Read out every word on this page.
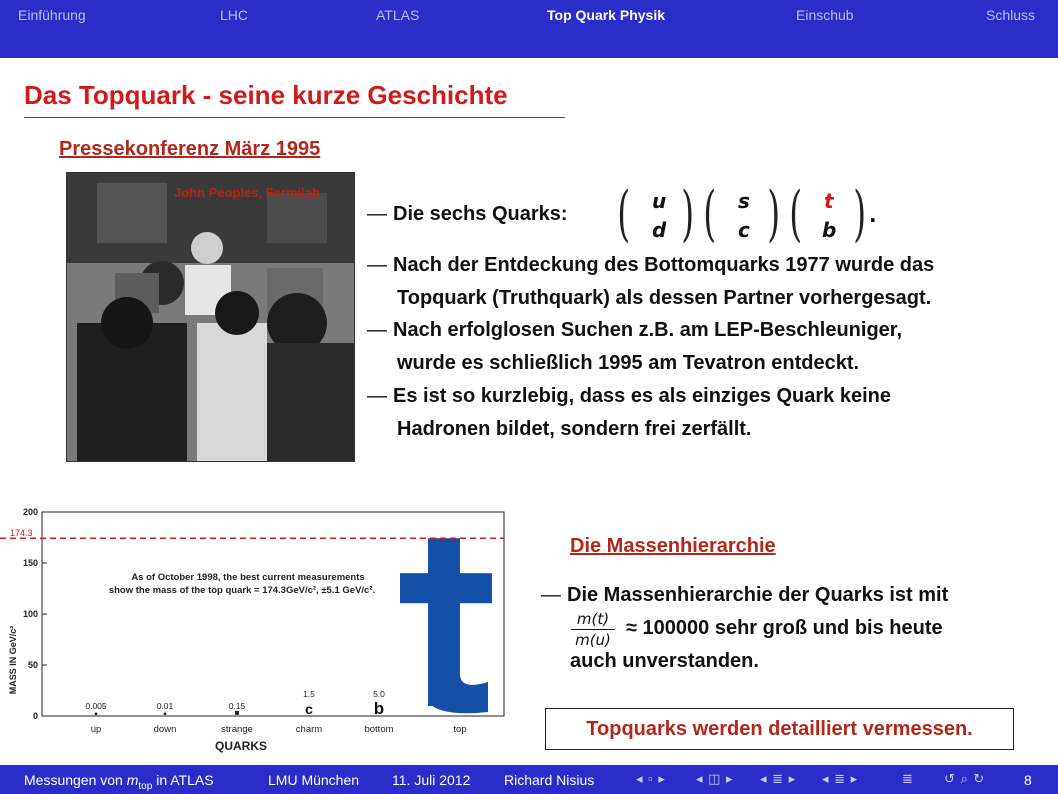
Einführung	LHC	ATLAS	Top Quark Physik	Einschub	Schluss
Das Topquark - seine kurze Geschichte
Pressekonferenz März 1995
John Peoples, Fermilab
— Die sechs Quarks: ( ) ( ) ( )
u
d
s
c
t
b
.
— Nach der Entdeckung des Bottomquarks 1977 wurde das
Topquark (Truthquark) als dessen Partner vorhergesagt.
— Nach erfolglosen Suchen z.B. am LEP-Beschleuniger,
wurde es schließlich 1995 am Tevatron entdeckt.
— Es ist so kurzlebig, dass es als einziges Quark keine
Hadronen bildet, sondern frei zerfällt.
0
50
100
150
200
up
0.005
down
0.01
strange
0.15
charm
1.5
c
bottom
5.0
b
top
174.3
As of October 1998, the best current measurements
show the mass of the top quark = 174.3GeV/c², ±5.1 GeV/c².
MASS IN GeV/c²
QUARKS
Die Massenhierarchie
— Die Massenhierarchie der Quarks ist mit
m(t)
m(u)
≈ 100000 sehr groß und bis heute
auch unverstanden.
Topquarks werden detailliert vermessen.
Messungen von $m_{top}$ in ATLAS	LMU München 11. Juli 2012 Richard Nisius	◂ ▫ ▸ ◂ ◫ ▸ ◂ ≣ ▸ ◂ ≣ ▸	≣ ↺ ⌕ ↻	8
